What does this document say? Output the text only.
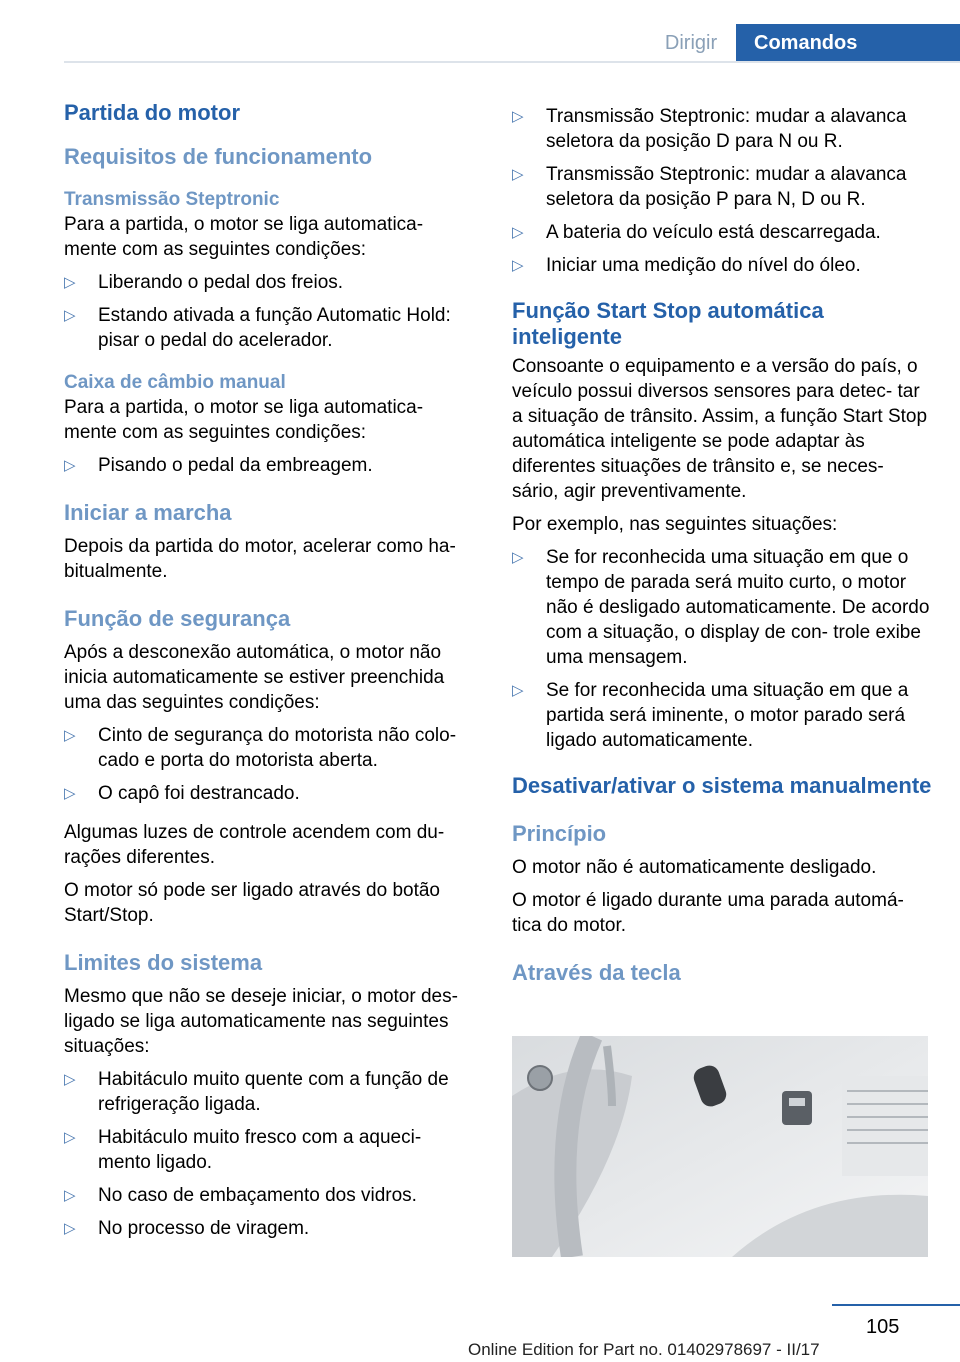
Dirigir	Comandos
Partida do motor
Requisitos de funcionamento
Transmissão Steptronic

Para a partida, o motor se liga automatica- mente com as seguintes condições:

▷ Liberando o pedal dos freios.
▷ Estando ativada a função Automatic Hold: pisar o pedal do acelerador.
Caixa de câmbio manual

Para a partida, o motor se liga automatica- mente com as seguintes condições:

▷ Pisando o pedal da embreagem.
Iniciar a marcha

Depois da partida do motor, acelerar como ha- bitualmente.

Função de segurança

Após a desconexão automática, o motor não inicia automaticamente se estiver preenchida uma das seguintes condições:

▷ Cinto de segurança do motorista não colo- cado e porta do motorista aberta.
▷ O capô foi destrancado.

Algumas luzes de controle acendem com du- rações diferentes.

O motor só pode ser ligado através do botão Start/Stop.

Limites do sistema

Mesmo que não se deseje iniciar, o motor des- ligado se liga automaticamente nas seguintes situações:

▷ Habitáculo muito quente com a função de refrigeração ligada.
▷ Habitáculo muito fresco com a aqueci- mento ligado.
▷ No caso de embaçamento dos vidros.
▷ No processo de viragem.
▷ Transmissão Steptronic: mudar a alavanca seletora da posição D para N ou R.
▷ Transmissão Steptronic: mudar a alavanca seletora da posição P para N, D ou R.
▷ A bateria do veículo está descarregada.
▷ Iniciar uma medição do nível do óleo.
Função Start Stop automática inteligente

Consoante o equipamento e a versão do país, o veículo possui diversos sensores para detec- tar a situação de trânsito. Assim, a função Start Stop automática inteligente se pode adaptar às diferentes situações de trânsito e, se neces- sário, agir preventivamente.

Por exemplo, nas seguintes situações:

▷ Se for reconhecida uma situação em que o tempo de parada será muito curto, o motor não é desligado automaticamente. De acordo com a situação, o display de con- trole exibe uma mensagem.
▷ Se for reconhecida uma situação em que a partida será iminente, o motor parado será ligado automaticamente.
Desativar/ativar o sistema manualmente
Princípio

O motor não é automaticamente desligado.

O motor é ligado durante uma parada automá- tica do motor.

Através da tecla
105
Online Edition for Part no. 01402978697 - II/17
